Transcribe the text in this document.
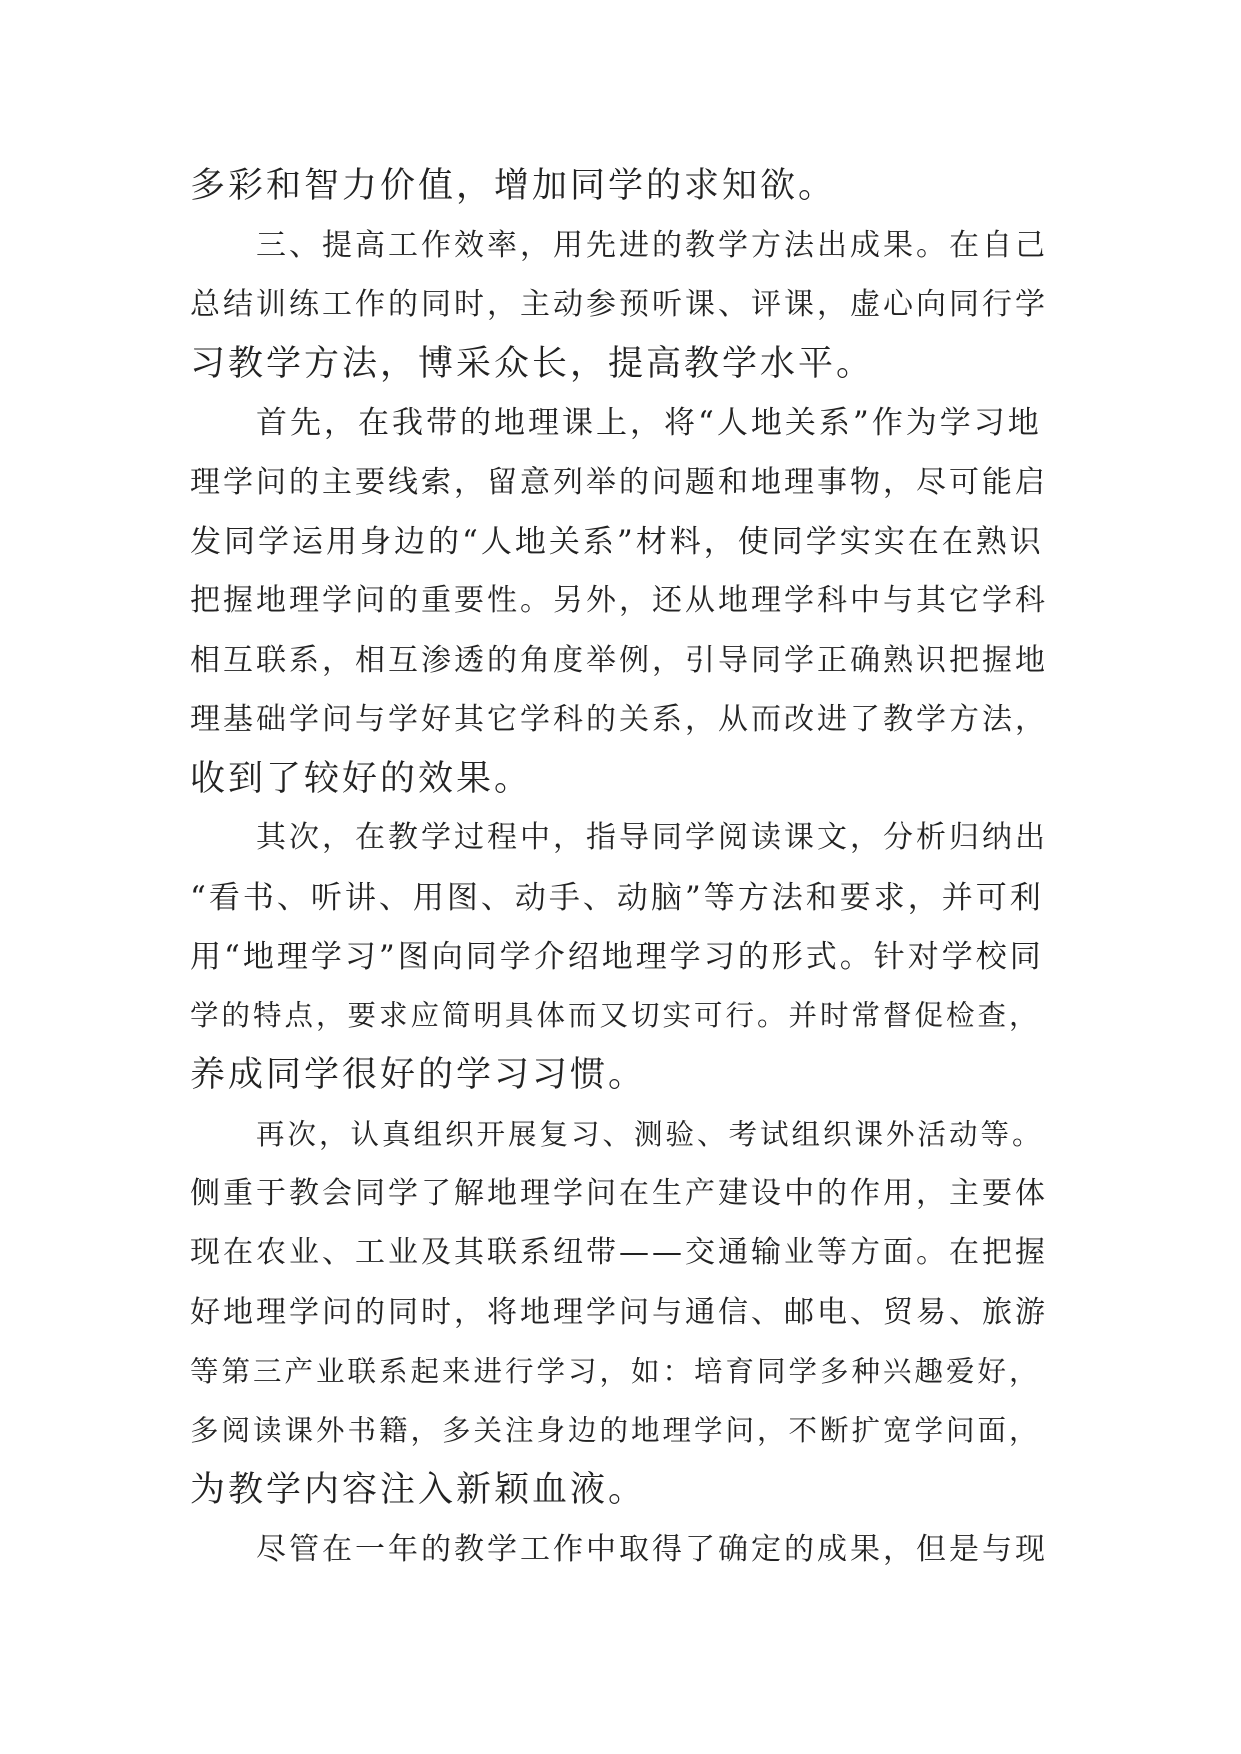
多彩和智力价值，增加同学的求知欲。
三、提高工作效率，用先进的教学方法出成果。在自己
总结训练工作的同时，主动参预听课、评课，虚心向同行学
习教学方法，博采众长，提高教学水平。
首先，在我带的地理课上，将“人地关系”作为学习地
理学问的主要线索，留意列举的问题和地理事物，尽可能启
发同学运用身边的“人地关系”材料，使同学实实在在熟识
把握地理学问的重要性。另外，还从地理学科中与其它学科
相互联系，相互渗透的角度举例，引导同学正确熟识把握地
理基础学问与学好其它学科的关系，从而改进了教学方法，
收到了较好的效果。
其次，在教学过程中，指导同学阅读课文，分析归纳出
“看书、听讲、用图、动手、动脑”等方法和要求，并可利
用“地理学习”图向同学介绍地理学习的形式。针对学校同
学的特点，要求应简明具体而又切实可行。并时常督促检查，
养成同学很好的学习习惯。
再次，认真组织开展复习、测验、考试组织课外活动等。
侧重于教会同学了解地理学问在生产建设中的作用，主要体
现在农业、工业及其联系纽带——交通输业等方面。在把握
好地理学问的同时，将地理学问与通信、邮电、贸易、旅游
等第三产业联系起来进行学习，如：培育同学多种兴趣爱好，
多阅读课外书籍，多关注身边的地理学问，不断扩宽学问面，
为教学内容注入新颖血液。
尽管在一年的教学工作中取得了确定的成果，但是与现
